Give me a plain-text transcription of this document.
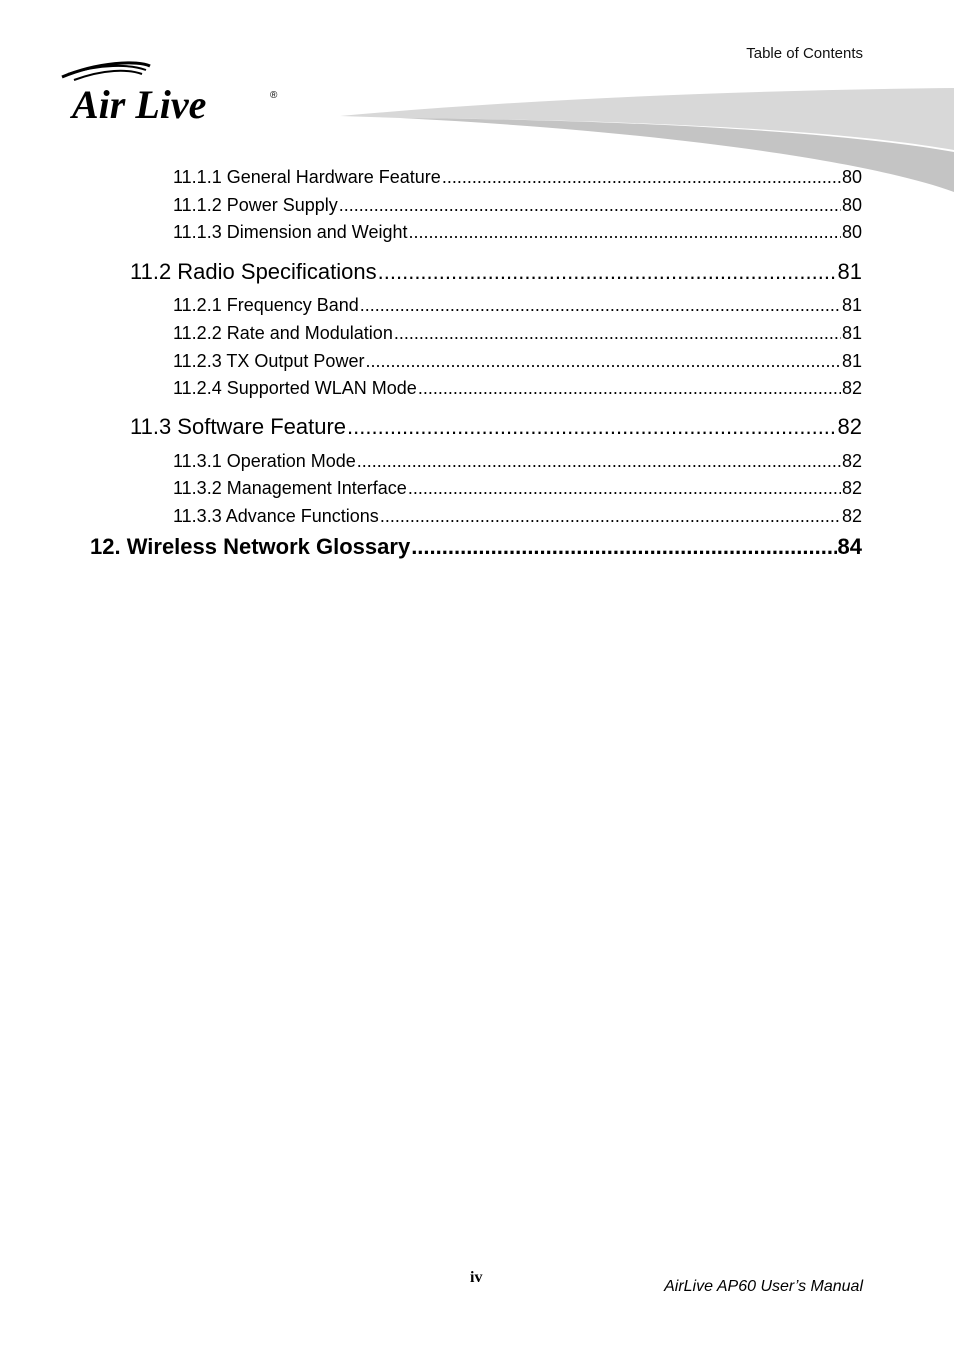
Table of Contents
Air Live	®
11.1.1 General Hardware Feature .....	80
11.1.2 Power Supply .....	80
11.1.3 Dimension and Weight .....	80
11.2 Radio Specifications .....	81
11.2.1 Frequency Band .....	81
11.2.2 Rate and Modulation .....	81
11.2.3 TX Output Power .....	81
11.2.4 Supported WLAN Mode .....	82
11.3 Software Feature .....	82
11.3.1 Operation Mode .....	82
11.3.2 Management Interface .....	82
11.3.3 Advance Functions .....	82
12. Wireless Network Glossary .....	84
iv
AirLive AP60 User’s Manual
